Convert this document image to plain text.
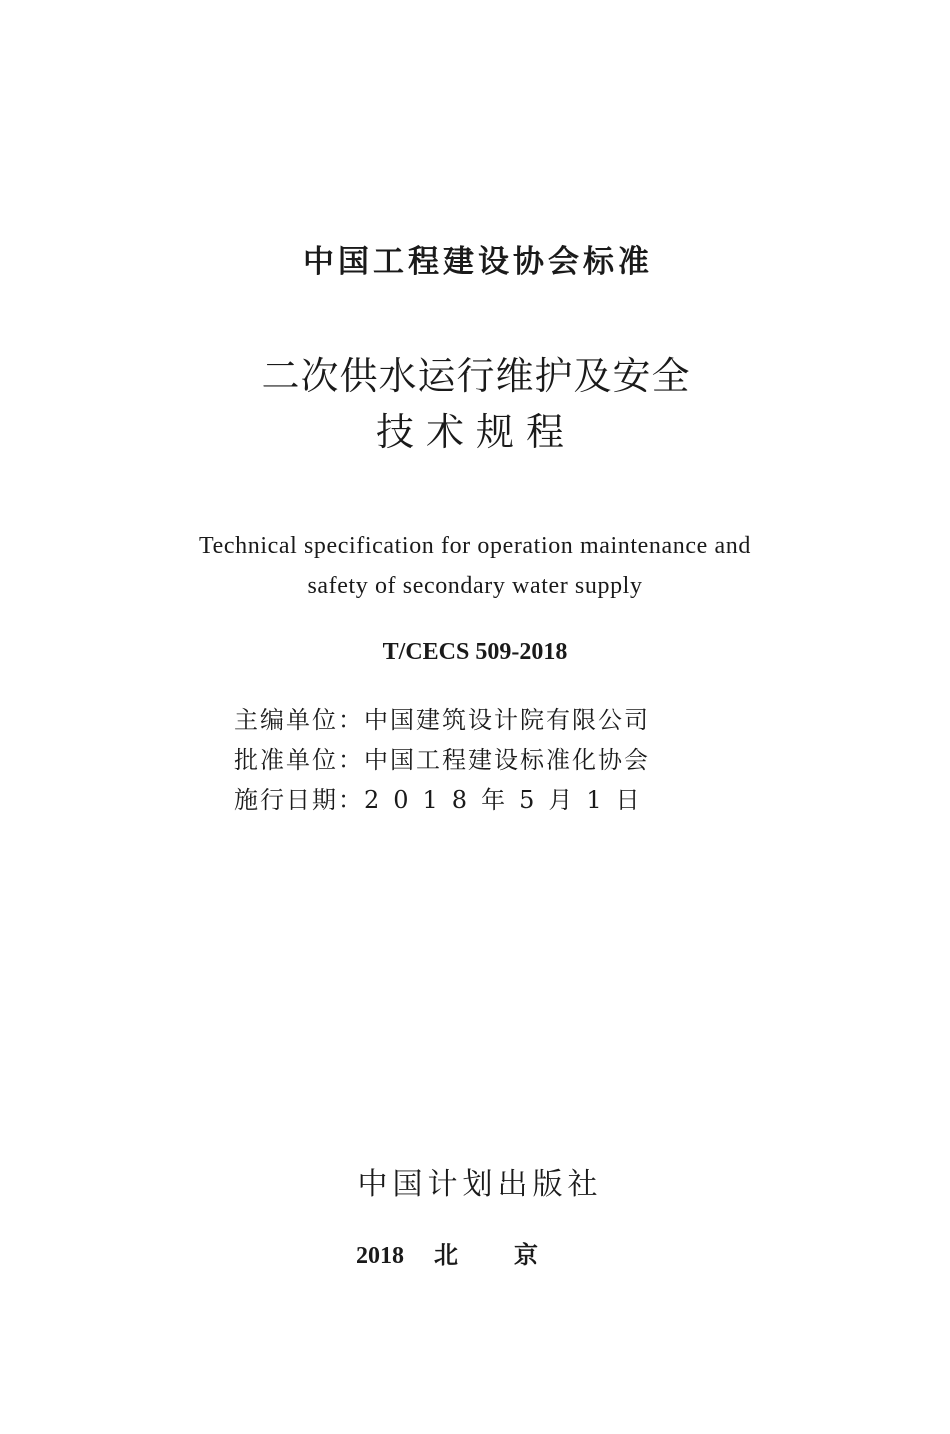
中国工程建设协会标准
二次供水运行维护及安全
技术规程
Technical specification for operation maintenance and
safety of secondary water supply
T/CECS 509-2018
主编单位：中国建筑设计院有限公司
批准单位：中国工程建设标准化协会
施行日期：2018年5月1日
中国计划出版社
2018 北京
